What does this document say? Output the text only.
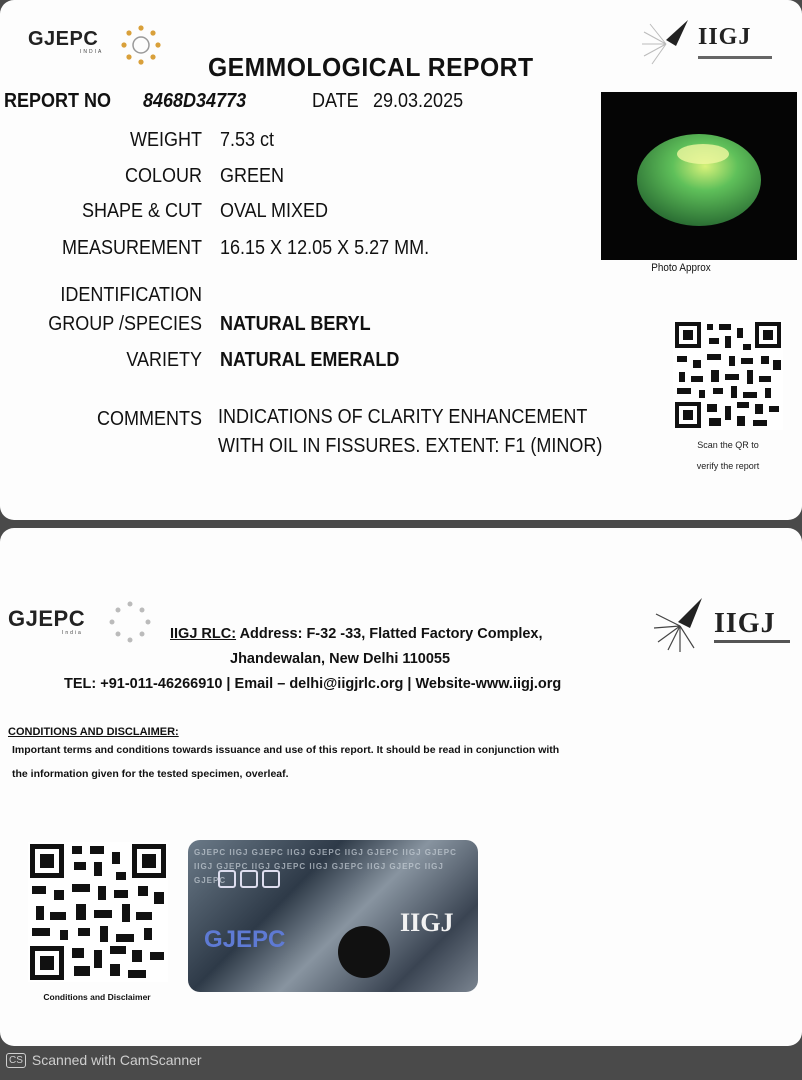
GJEPC
INDIA
IIGJ
GEMMOLOGICAL REPORT
REPORT NO 8468D34773	DATE 29.03.2025
WEIGHT 7.53 ct
COLOUR GREEN
SHAPE & CUT OVAL MIXED
MEASUREMENT 16.15 X 12.05 X 5.27 MM.
IDENTIFICATION
GROUP /SPECIES NATURAL BERYL
VARIETY NATURAL EMERALD
COMMENTS INDICATIONS OF CLARITY ENHANCEMENT
WITH OIL IN FISSURES. EXTENT: F1 (MINOR)
Photo Approx
Scan the QR to
verify the report
GJEPC
India	IIGJ
IIGJ RLC: Address: F-32 -33, Flatted Factory Complex,
Jhandewalan, New Delhi 110055
TEL: +91-011-46266910 | Email – delhi@iigjrlc.org | Website-www.iigj.org
CONDITIONS AND DISCLAIMER:
Important terms and conditions towards issuance and use of this report. It should be read in conjunction with
the information given for the tested specimen, overleaf.
Conditions and Disclaimer
GJEPC IIGJ GJEPC IIGJ GJEPC IIGJ GJEPC IIGJ GJEPC IIGJ GJEPC IIGJ GJEPC IIGJ GJEPC IIGJ GJEPC IIGJ GJEPC
GJEPC
IIGJ
CS Scanned with CamScanner
